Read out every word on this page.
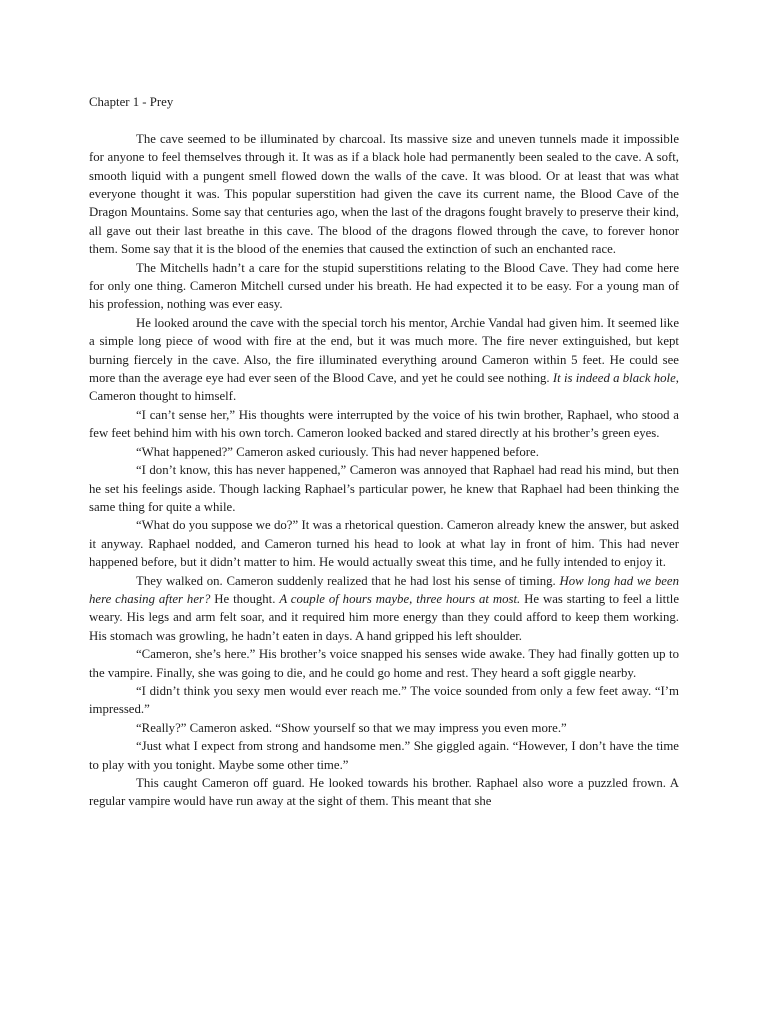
Chapter 1 - Prey

The cave seemed to be illuminated by charcoal. Its massive size and uneven tunnels made it impossible for anyone to feel themselves through it. It was as if a black hole had permanently been sealed to the cave. A soft, smooth liquid with a pungent smell flowed down the walls of the cave. It was blood. Or at least that was what everyone thought it was. This popular superstition had given the cave its current name, the Blood Cave of the Dragon Mountains. Some say that centuries ago, when the last of the dragons fought bravely to preserve their kind, all gave out their last breathe in this cave. The blood of the dragons flowed through the cave, to forever honor them. Some say that it is the blood of the enemies that caused the extinction of such an enchanted race.

The Mitchells hadn’t a care for the stupid superstitions relating to the Blood Cave. They had come here for only one thing. Cameron Mitchell cursed under his breath. He had expected it to be easy. For a young man of his profession, nothing was ever easy.

He looked around the cave with the special torch his mentor, Archie Vandal had given him. It seemed like a simple long piece of wood with fire at the end, but it was much more. The fire never extinguished, but kept burning fiercely in the cave. Also, the fire illuminated everything around Cameron within 5 feet. He could see more than the average eye had ever seen of the Blood Cave, and yet he could see nothing. It is indeed a black hole, Cameron thought to himself.

“I can’t sense her,” His thoughts were interrupted by the voice of his twin brother, Raphael, who stood a few feet behind him with his own torch. Cameron looked backed and stared directly at his brother’s green eyes.

“What happened?” Cameron asked curiously. This had never happened before.

“I don’t know, this has never happened,” Cameron was annoyed that Raphael had read his mind, but then he set his feelings aside. Though lacking Raphael’s particular power, he knew that Raphael had been thinking the same thing for quite a while.

“What do you suppose we do?” It was a rhetorical question. Cameron already knew the answer, but asked it anyway. Raphael nodded, and Cameron turned his head to look at what lay in front of him. This had never happened before, but it didn’t matter to him. He would actually sweat this time, and he fully intended to enjoy it.

They walked on. Cameron suddenly realized that he had lost his sense of timing. How long had we been here chasing after her? He thought. A couple of hours maybe, three hours at most. He was starting to feel a little weary. His legs and arm felt soar, and it required him more energy than they could afford to keep them working. His stomach was growling, he hadn’t eaten in days. A hand gripped his left shoulder.

“Cameron, she’s here.” His brother’s voice snapped his senses wide awake. They had finally gotten up to the vampire. Finally, she was going to die, and he could go home and rest. They heard a soft giggle nearby.

“I didn’t think you sexy men would ever reach me.” The voice sounded from only a few feet away. “I’m impressed.”

“Really?” Cameron asked. “Show yourself so that we may impress you even more.”

“Just what I expect from strong and handsome men.” She giggled again. “However, I don’t have the time to play with you tonight. Maybe some other time.”

This caught Cameron off guard. He looked towards his brother. Raphael also wore a puzzled frown. A regular vampire would have run away at the sight of them. This meant that she
